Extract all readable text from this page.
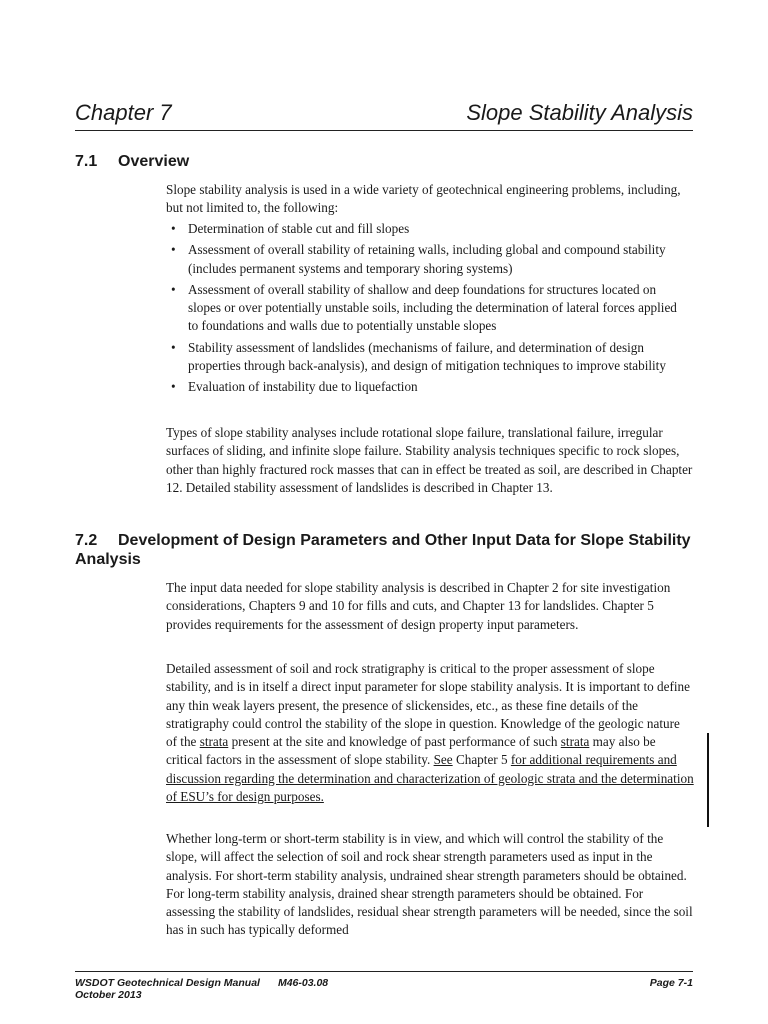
Chapter 7	Slope Stability Analysis
7.1 Overview

Slope stability analysis is used in a wide variety of geotechnical engineering problems, including, but not limited to, the following:

• Determination of stable cut and fill slopes
• Assessment of overall stability of retaining walls, including global and compound stability (includes permanent systems and temporary shoring systems)
• Assessment of overall stability of shallow and deep foundations for structures located on slopes or over potentially unstable soils, including the determination of lateral forces applied to foundations and walls due to potentially unstable slopes
• Stability assessment of landslides (mechanisms of failure, and determination of design properties through back-analysis), and design of mitigation techniques to improve stability
• Evaluation of instability due to liquefaction

Types of slope stability analyses include rotational slope failure, translational failure, irregular surfaces of sliding, and infinite slope failure. Stability analysis techniques specific to rock slopes, other than highly fractured rock masses that can in effect be treated as soil, are described in Chapter 12. Detailed stability assessment of landslides is described in Chapter 13.

7.2 Development of Design Parameters and Other Input Data for Slope Stability Analysis

The input data needed for slope stability analysis is described in Chapter 2 for site investigation considerations, Chapters 9 and 10 for fills and cuts, and Chapter 13 for landslides. Chapter 5 provides requirements for the assessment of design property input parameters.

Detailed assessment of soil and rock stratigraphy is critical to the proper assessment of slope stability, and is in itself a direct input parameter for slope stability analysis. It is important to define any thin weak layers present, the presence of slickensides, etc., as these fine details of the stratigraphy could control the stability of the slope in question. Knowledge of the geologic nature of the strata present at the site and knowledge of past performance of such strata may also be critical factors in the assessment of slope stability. See Chapter 5 for additional requirements and discussion regarding the determination and characterization of geologic strata and the determination of ESU’s for design purposes.

Whether long-term or short-term stability is in view, and which will control the stability of the slope, will affect the selection of soil and rock shear strength parameters used as input in the analysis. For short-term stability analysis, undrained shear strength parameters should be obtained. For long-term stability analysis, drained shear strength parameters should be obtained. For assessing the stability of landslides, residual shear strength parameters will be needed, since the soil has in such has typically deformed

WSDOT Geotechnical Design Manual M46-03.08
October 2013
Page 7-1
